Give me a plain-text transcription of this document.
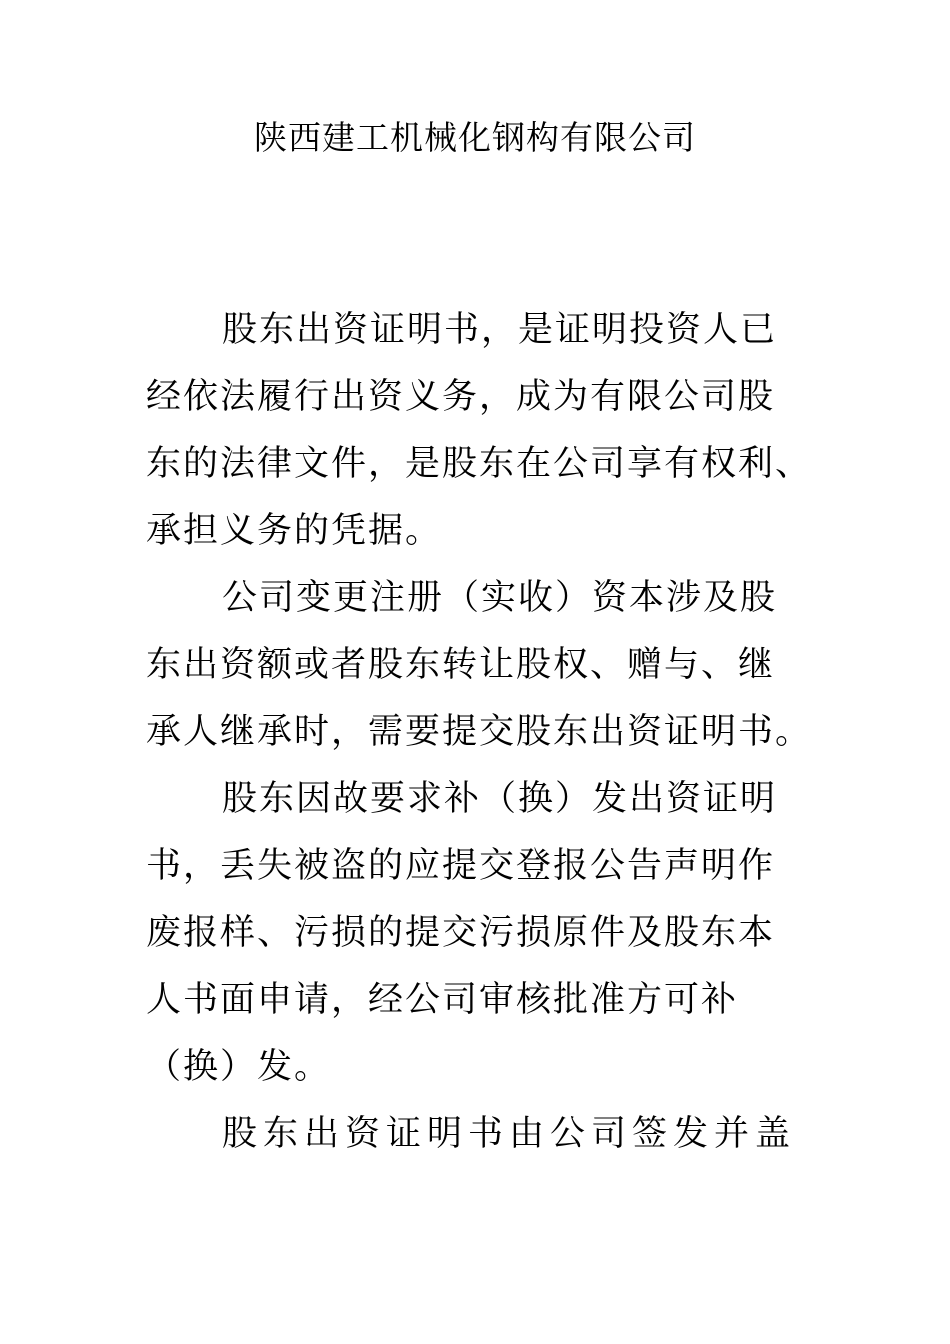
陕西建工机械化钢构有限公司
股东出资证明书，是证明投资人已
经依法履行出资义务，成为有限公司股
东的法律文件，是股东在公司享有权利、
承担义务的凭据。
公司变更注册（实收）资本涉及股
东出资额或者股东转让股权、赠与、继
承人继承时，需要提交股东出资证明书。
股东因故要求补（换）发出资证明
书，丢失被盗的应提交登报公告声明作
废报样、污损的提交污损原件及股东本
人书面申请，经公司审核批准方可补
（换）发。
股东出资证明书由公司签发并盖
